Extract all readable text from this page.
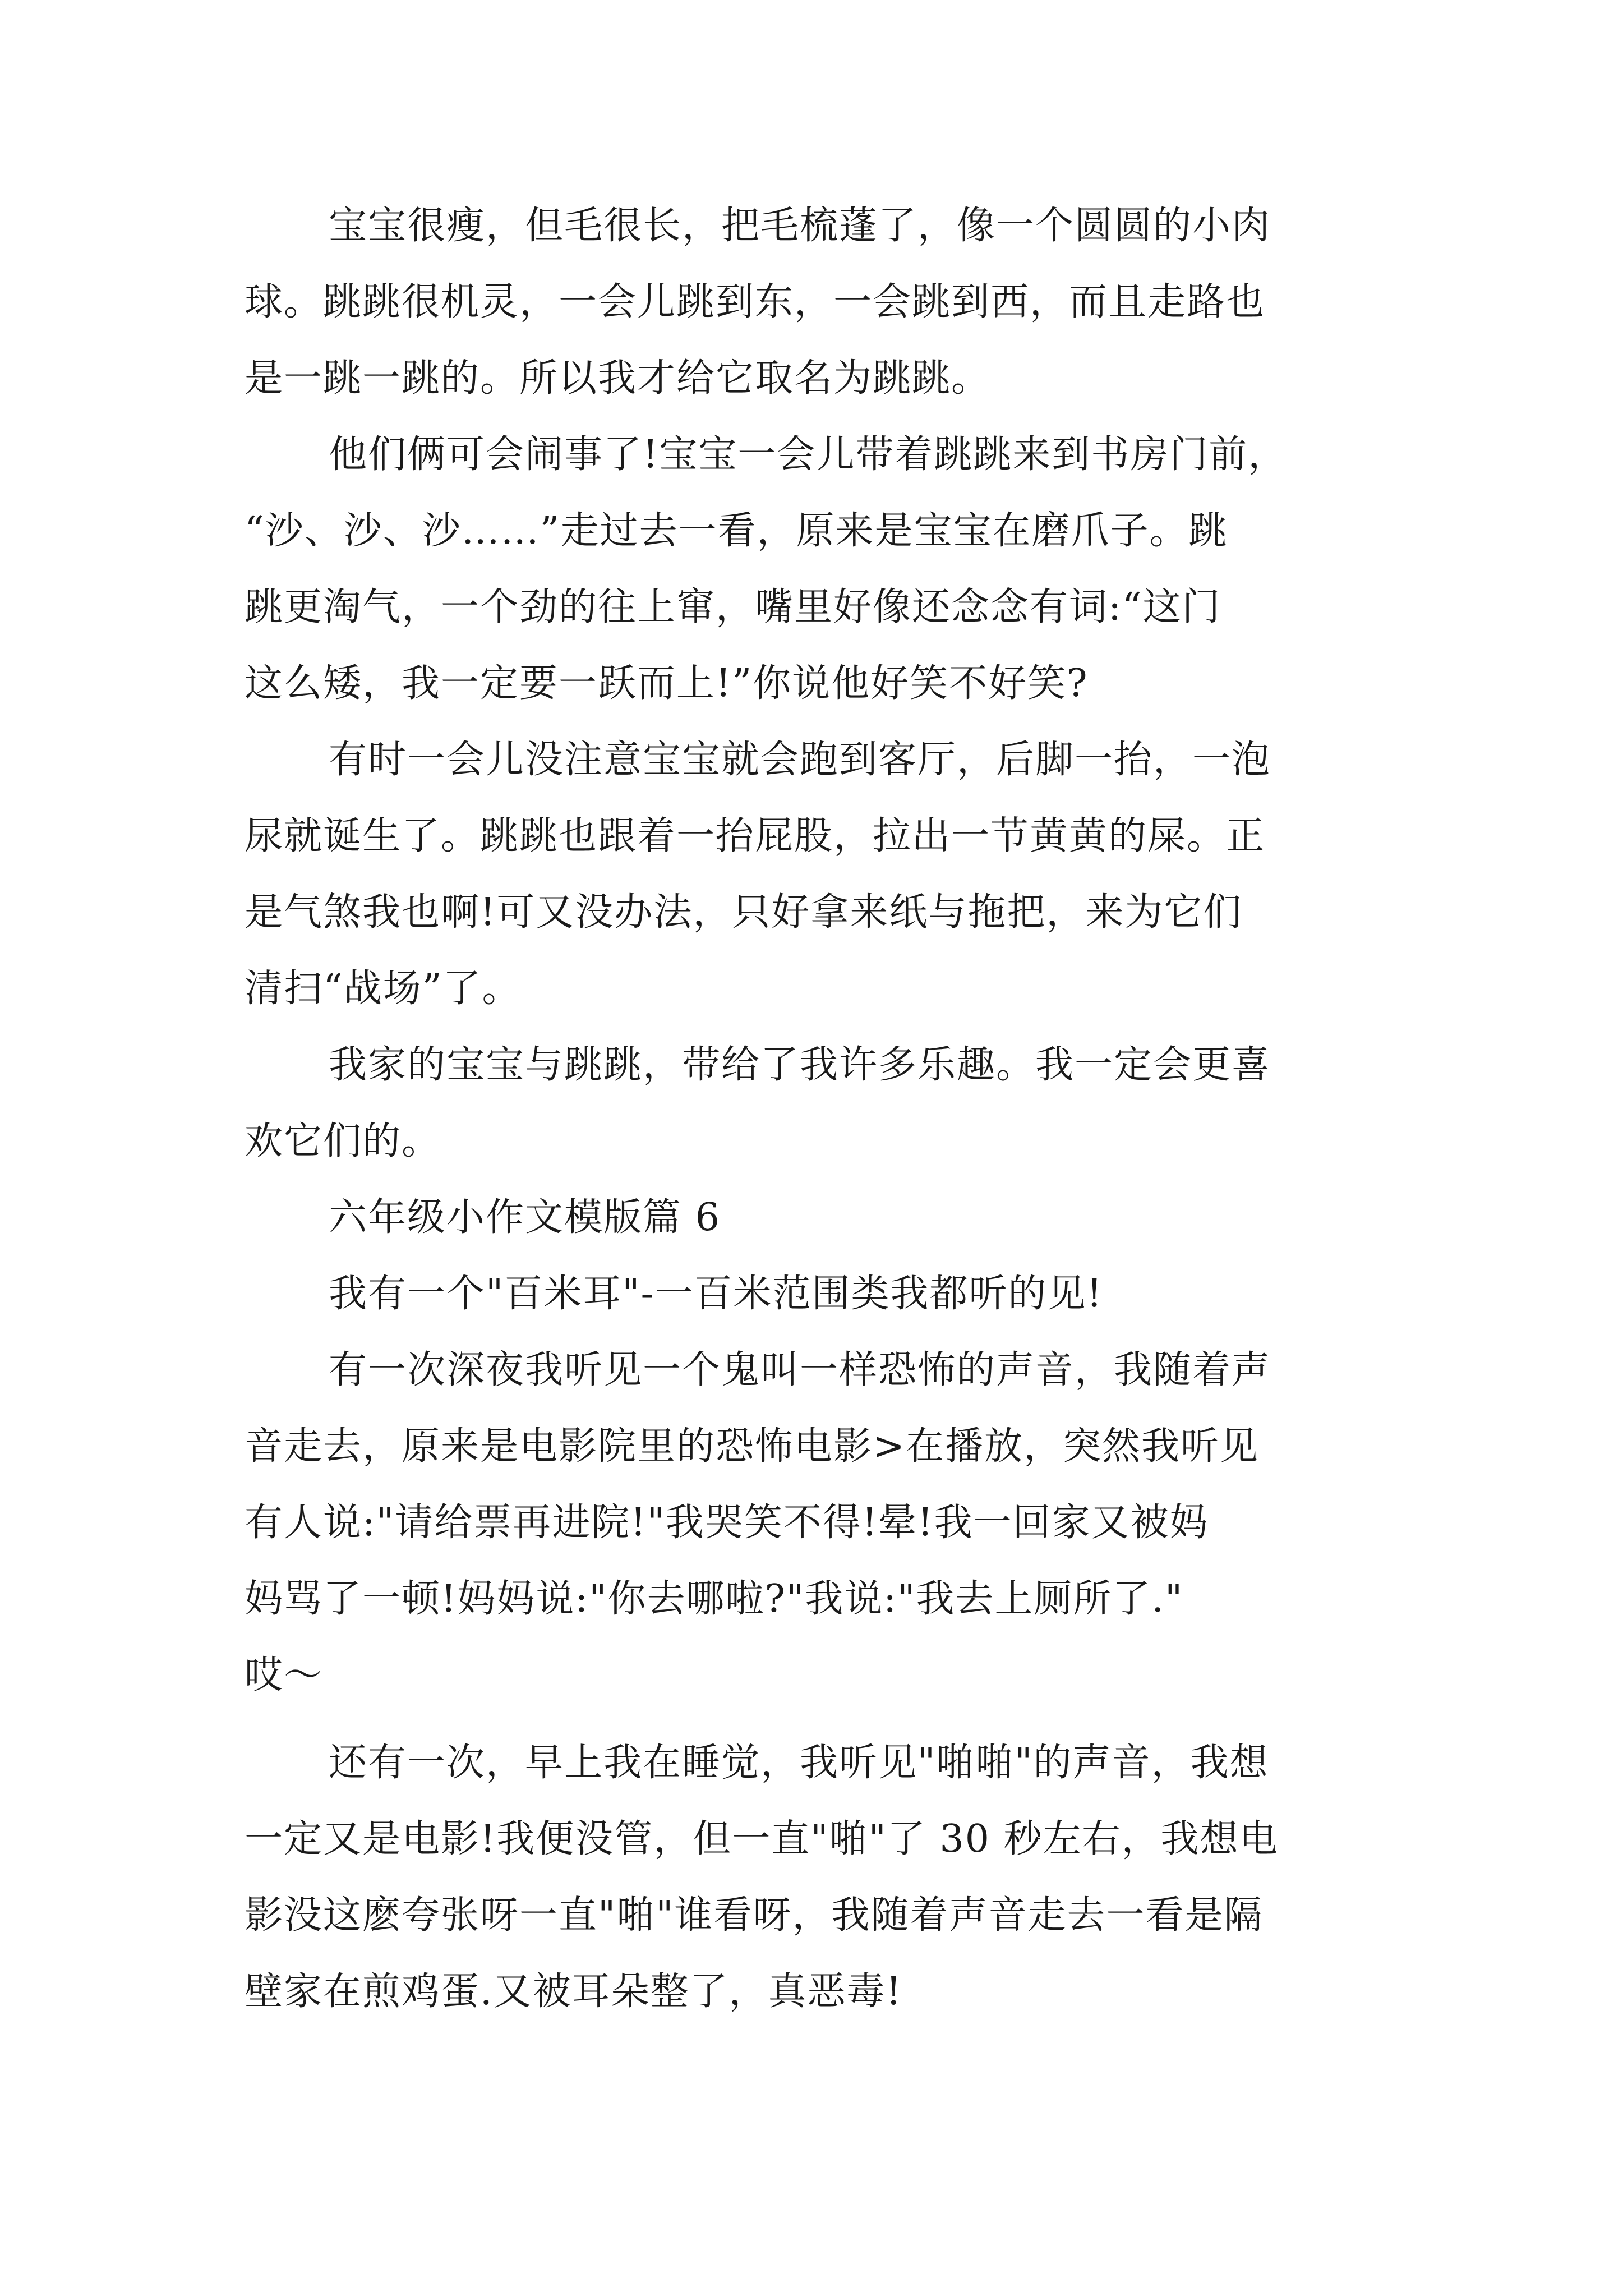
宝宝很瘦，但毛很长，把毛梳蓬了，像一个圆圆的小肉
球。跳跳很机灵，一会儿跳到东，一会跳到西，而且走路也
是一跳一跳的。所以我才给它取名为跳跳。
他们俩可会闹事了!宝宝一会儿带着跳跳来到书房门前，
“沙、沙、沙……”走过去一看，原来是宝宝在磨爪子。跳
跳更淘气，一个劲的往上窜，嘴里好像还念念有词:“这门
这么矮，我一定要一跃而上!”你说他好笑不好笑?
有时一会儿没注意宝宝就会跑到客厅，后脚一抬，一泡
尿就诞生了。跳跳也跟着一抬屁股，拉出一节黄黄的屎。正
是气煞我也啊!可又没办法，只好拿来纸与拖把，来为它们
清扫“战场”了。
我家的宝宝与跳跳，带给了我许多乐趣。我一定会更喜
欢它们的。
六年级小作文模版篇 6
我有一个"百米耳"-一百米范围类我都听的见!
有一次深夜我听见一个鬼叫一样恐怖的声音，我随着声
音走去，原来是电影院里的恐怖电影>在播放，突然我听见
有人说:"请给票再进院!"我哭笑不得!晕!我一回家又被妈
妈骂了一顿!妈妈说:"你去哪啦?"我说:"我去上厕所了."
哎～
还有一次，早上我在睡觉，我听见"啪啪"的声音，我想
一定又是电影!我便没管，但一直"啪"了 30 秒左右，我想电
影没这麽夸张呀一直"啪"谁看呀，我随着声音走去一看是隔
壁家在煎鸡蛋.又被耳朵整了，真恶毒!
